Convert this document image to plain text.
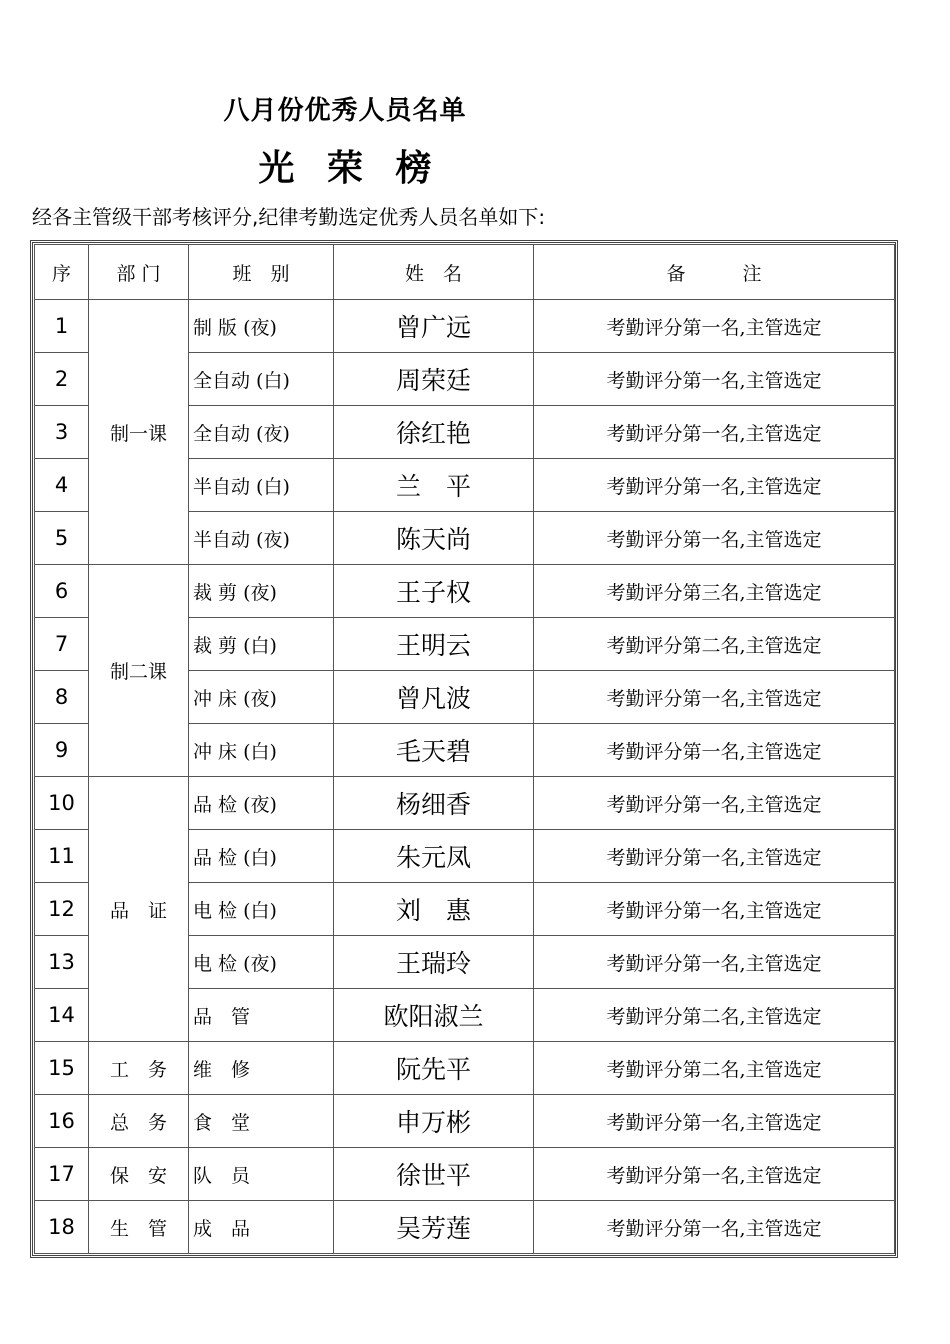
八月份优秀人员名单
光 荣 榜
经各主管级干部考核评分,纪律考勤选定优秀人员名单如下:
序	部 门	班　别	姓　名	备　　　注
1	制一课	制 版 (夜)	曾广远	考勤评分第一名,主管选定
2		全自动 (白)	周荣廷	考勤评分第一名,主管选定
3		全自动 (夜)	徐红艳	考勤评分第一名,主管选定
4		半自动 (白)	兰　平	考勤评分第一名,主管选定
5		半自动 (夜)	陈天尚	考勤评分第一名,主管选定
6	制二课	裁 剪 (夜)	王子权	考勤评分第三名,主管选定
7		裁 剪 (白)	王明云	考勤评分第二名,主管选定
8		冲 床 (夜)	曾凡波	考勤评分第一名,主管选定
9		冲 床 (白)	毛天碧	考勤评分第一名,主管选定
10	品　证	品 检 (夜)	杨细香	考勤评分第一名,主管选定
11		品 检 (白)	朱元凤	考勤评分第一名,主管选定
12		电 检 (白)	刘　惠	考勤评分第一名,主管选定
13		电 检 (夜)	王瑞玲	考勤评分第一名,主管选定
14		品　管	欧阳淑兰	考勤评分第二名,主管选定
15	工　务	维　修	阮先平	考勤评分第二名,主管选定
16	总　务	食　堂	申万彬	考勤评分第一名,主管选定
17	保　安	队　员	徐世平	考勤评分第一名,主管选定
18	生　管	成　品	吴芳莲	考勤评分第一名,主管选定
